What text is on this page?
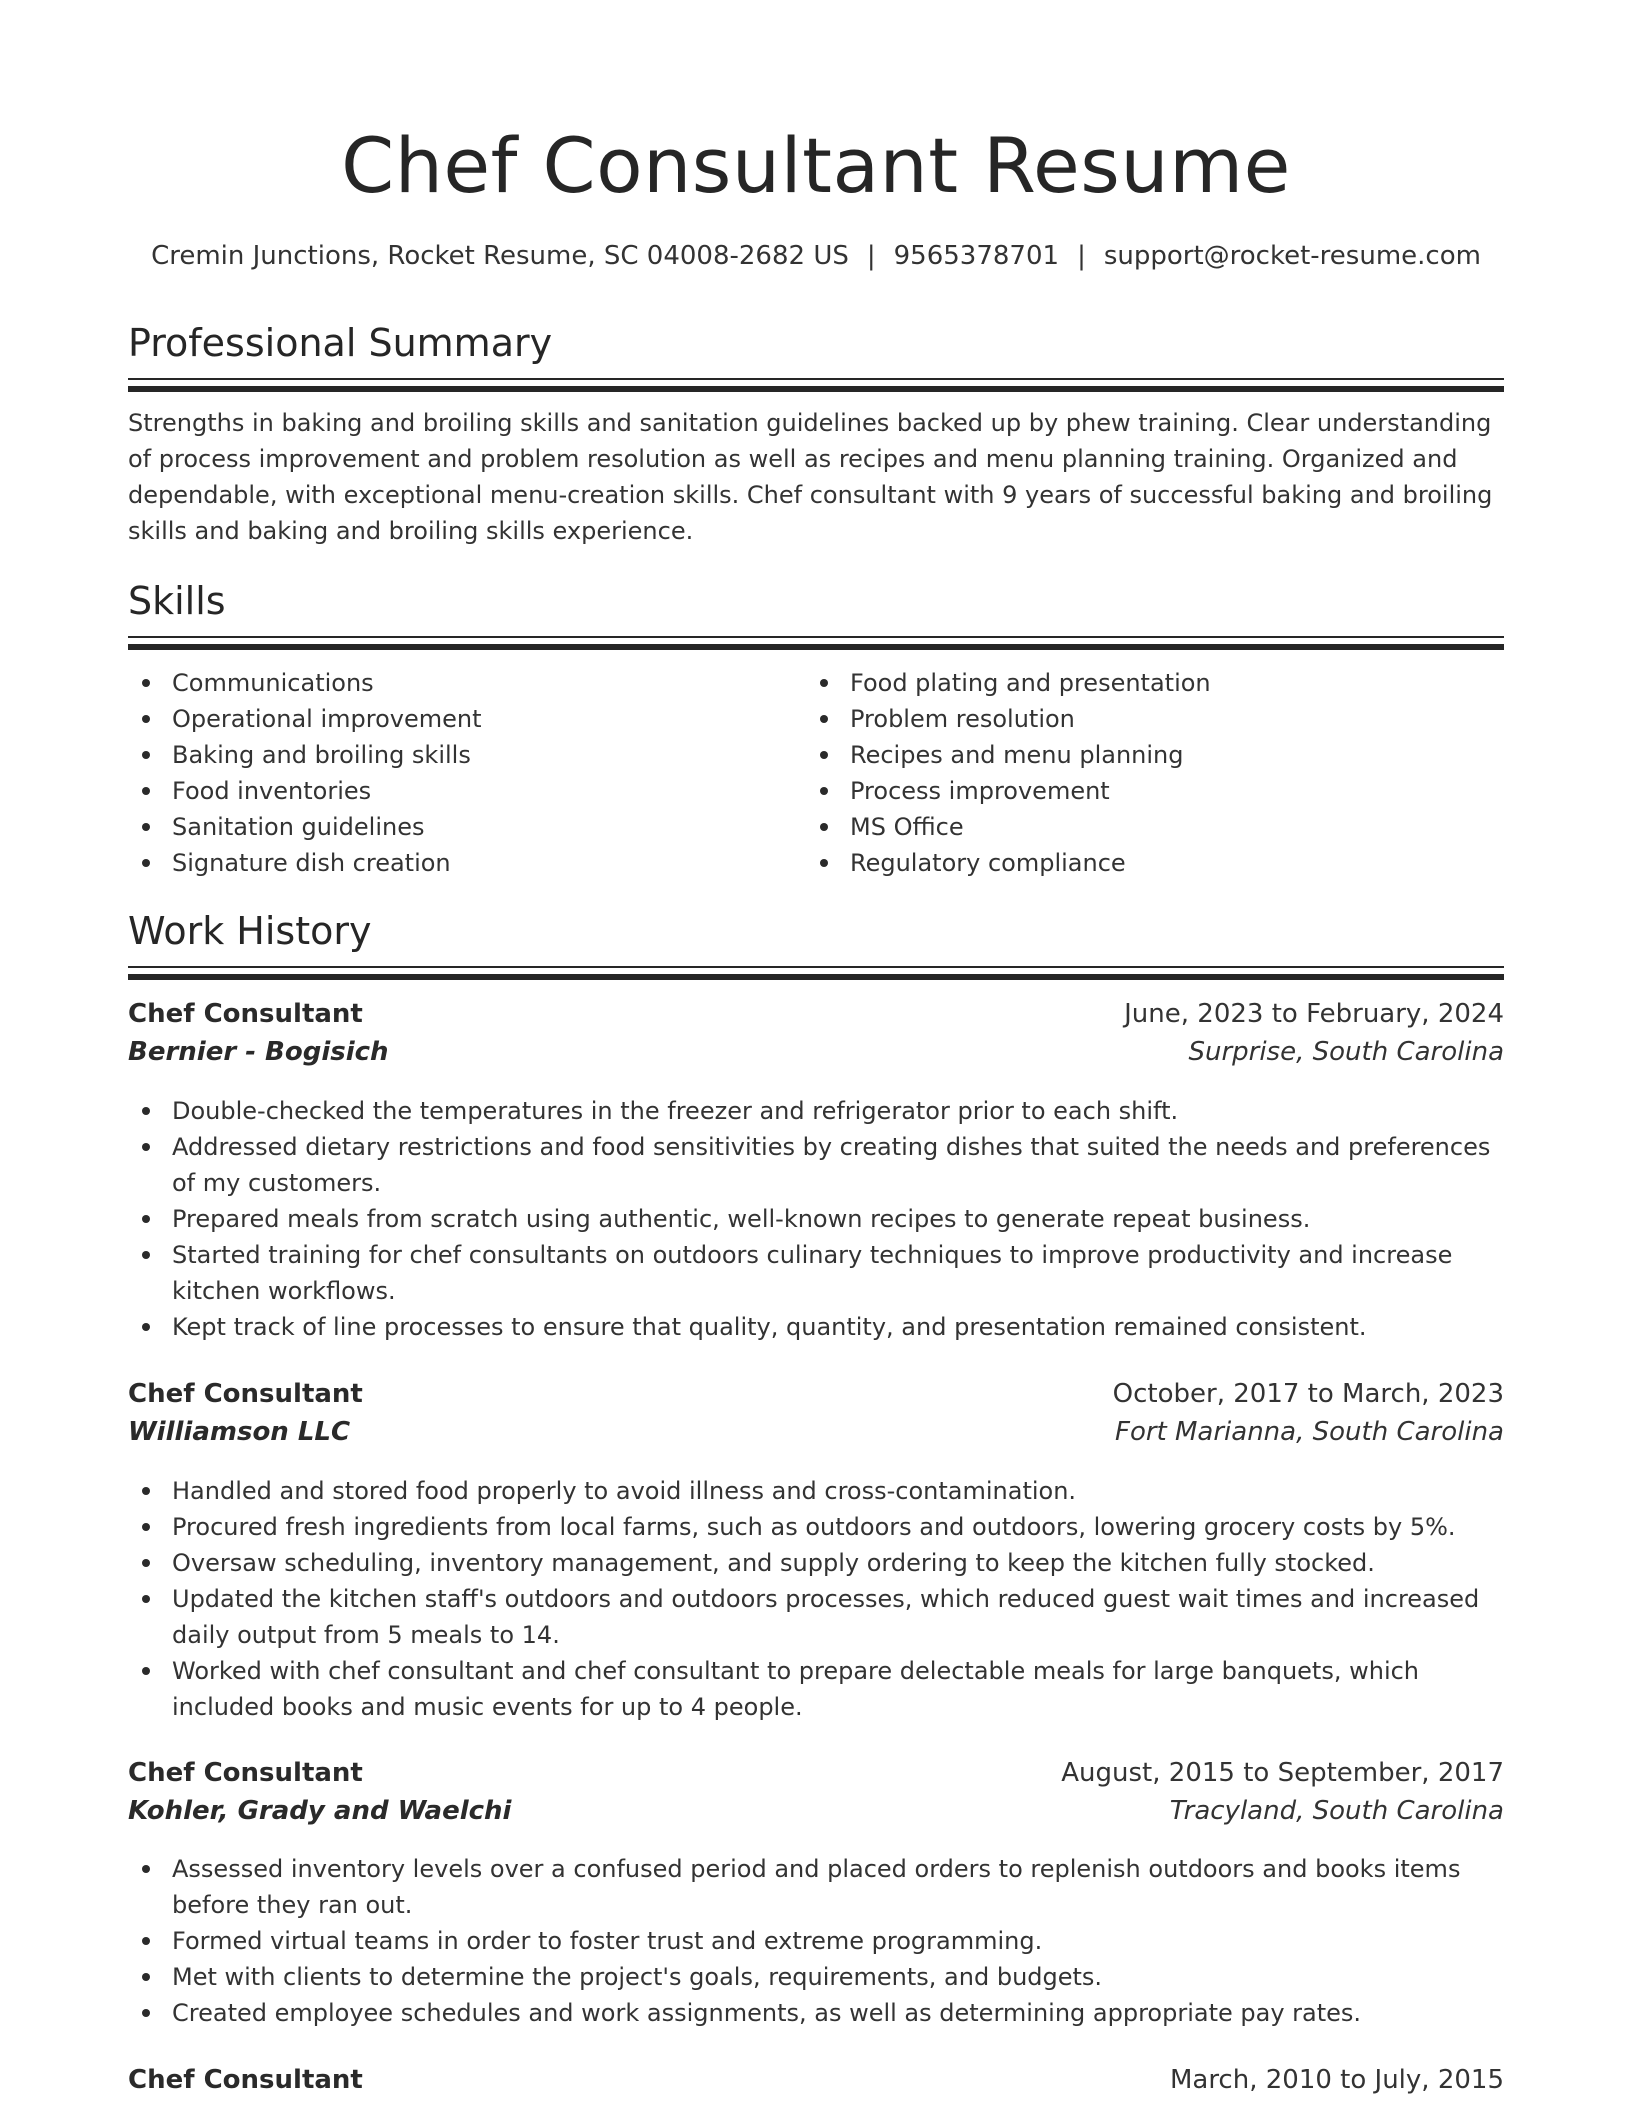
Chef Consultant Resume
Cremin Junctions, Rocket Resume, SC 04008-2682 US | 9565378701 | support@rocket-resume.com
Professional Summary

Strengths in baking and broiling skills and sanitation guidelines backed up by phew training. Clear understanding of process improvement and problem resolution as well as recipes and menu planning training. Organized and dependable, with exceptional menu-creation skills. Chef consultant with 9 years of successful baking and broiling skills and baking and broiling skills experience.

Skills
Communications
Operational improvement
Baking and broiling skills
Food inventories
Sanitation guidelines
Signature dish creation
Food plating and presentation
Problem resolution
Recipes and menu planning
Process improvement
MS Office
Regulatory compliance
Work History
Chef Consultant	June, 2023 to February, 2024
Bernier - Bogisich	Surprise, South Carolina
Double-checked the temperatures in the freezer and refrigerator prior to each shift.
Addressed dietary restrictions and food sensitivities by creating dishes that suited the needs and preferences of my customers.
Prepared meals from scratch using authentic, well-known recipes to generate repeat business.
Started training for chef consultants on outdoors culinary techniques to improve productivity and increase kitchen workflows.
Kept track of line processes to ensure that quality, quantity, and presentation remained consistent.
Chef Consultant	October, 2017 to March, 2023
Williamson LLC	Fort Marianna, South Carolina
Handled and stored food properly to avoid illness and cross-contamination.
Procured fresh ingredients from local farms, such as outdoors and outdoors, lowering grocery costs by 5%.
Oversaw scheduling, inventory management, and supply ordering to keep the kitchen fully stocked.
Updated the kitchen staff's outdoors and outdoors processes, which reduced guest wait times and increased daily output from 5 meals to 14.
Worked with chef consultant and chef consultant to prepare delectable meals for large banquets, which included books and music events for up to 4 people.
Chef Consultant	August, 2015 to September, 2017
Kohler, Grady and Waelchi	Tracyland, South Carolina
Assessed inventory levels over a confused period and placed orders to replenish outdoors and books items before they ran out.
Formed virtual teams in order to foster trust and extreme programming.
Met with clients to determine the project's goals, requirements, and budgets.
Created employee schedules and work assignments, as well as determining appropriate pay rates.
Chef Consultant	March, 2010 to July, 2015
